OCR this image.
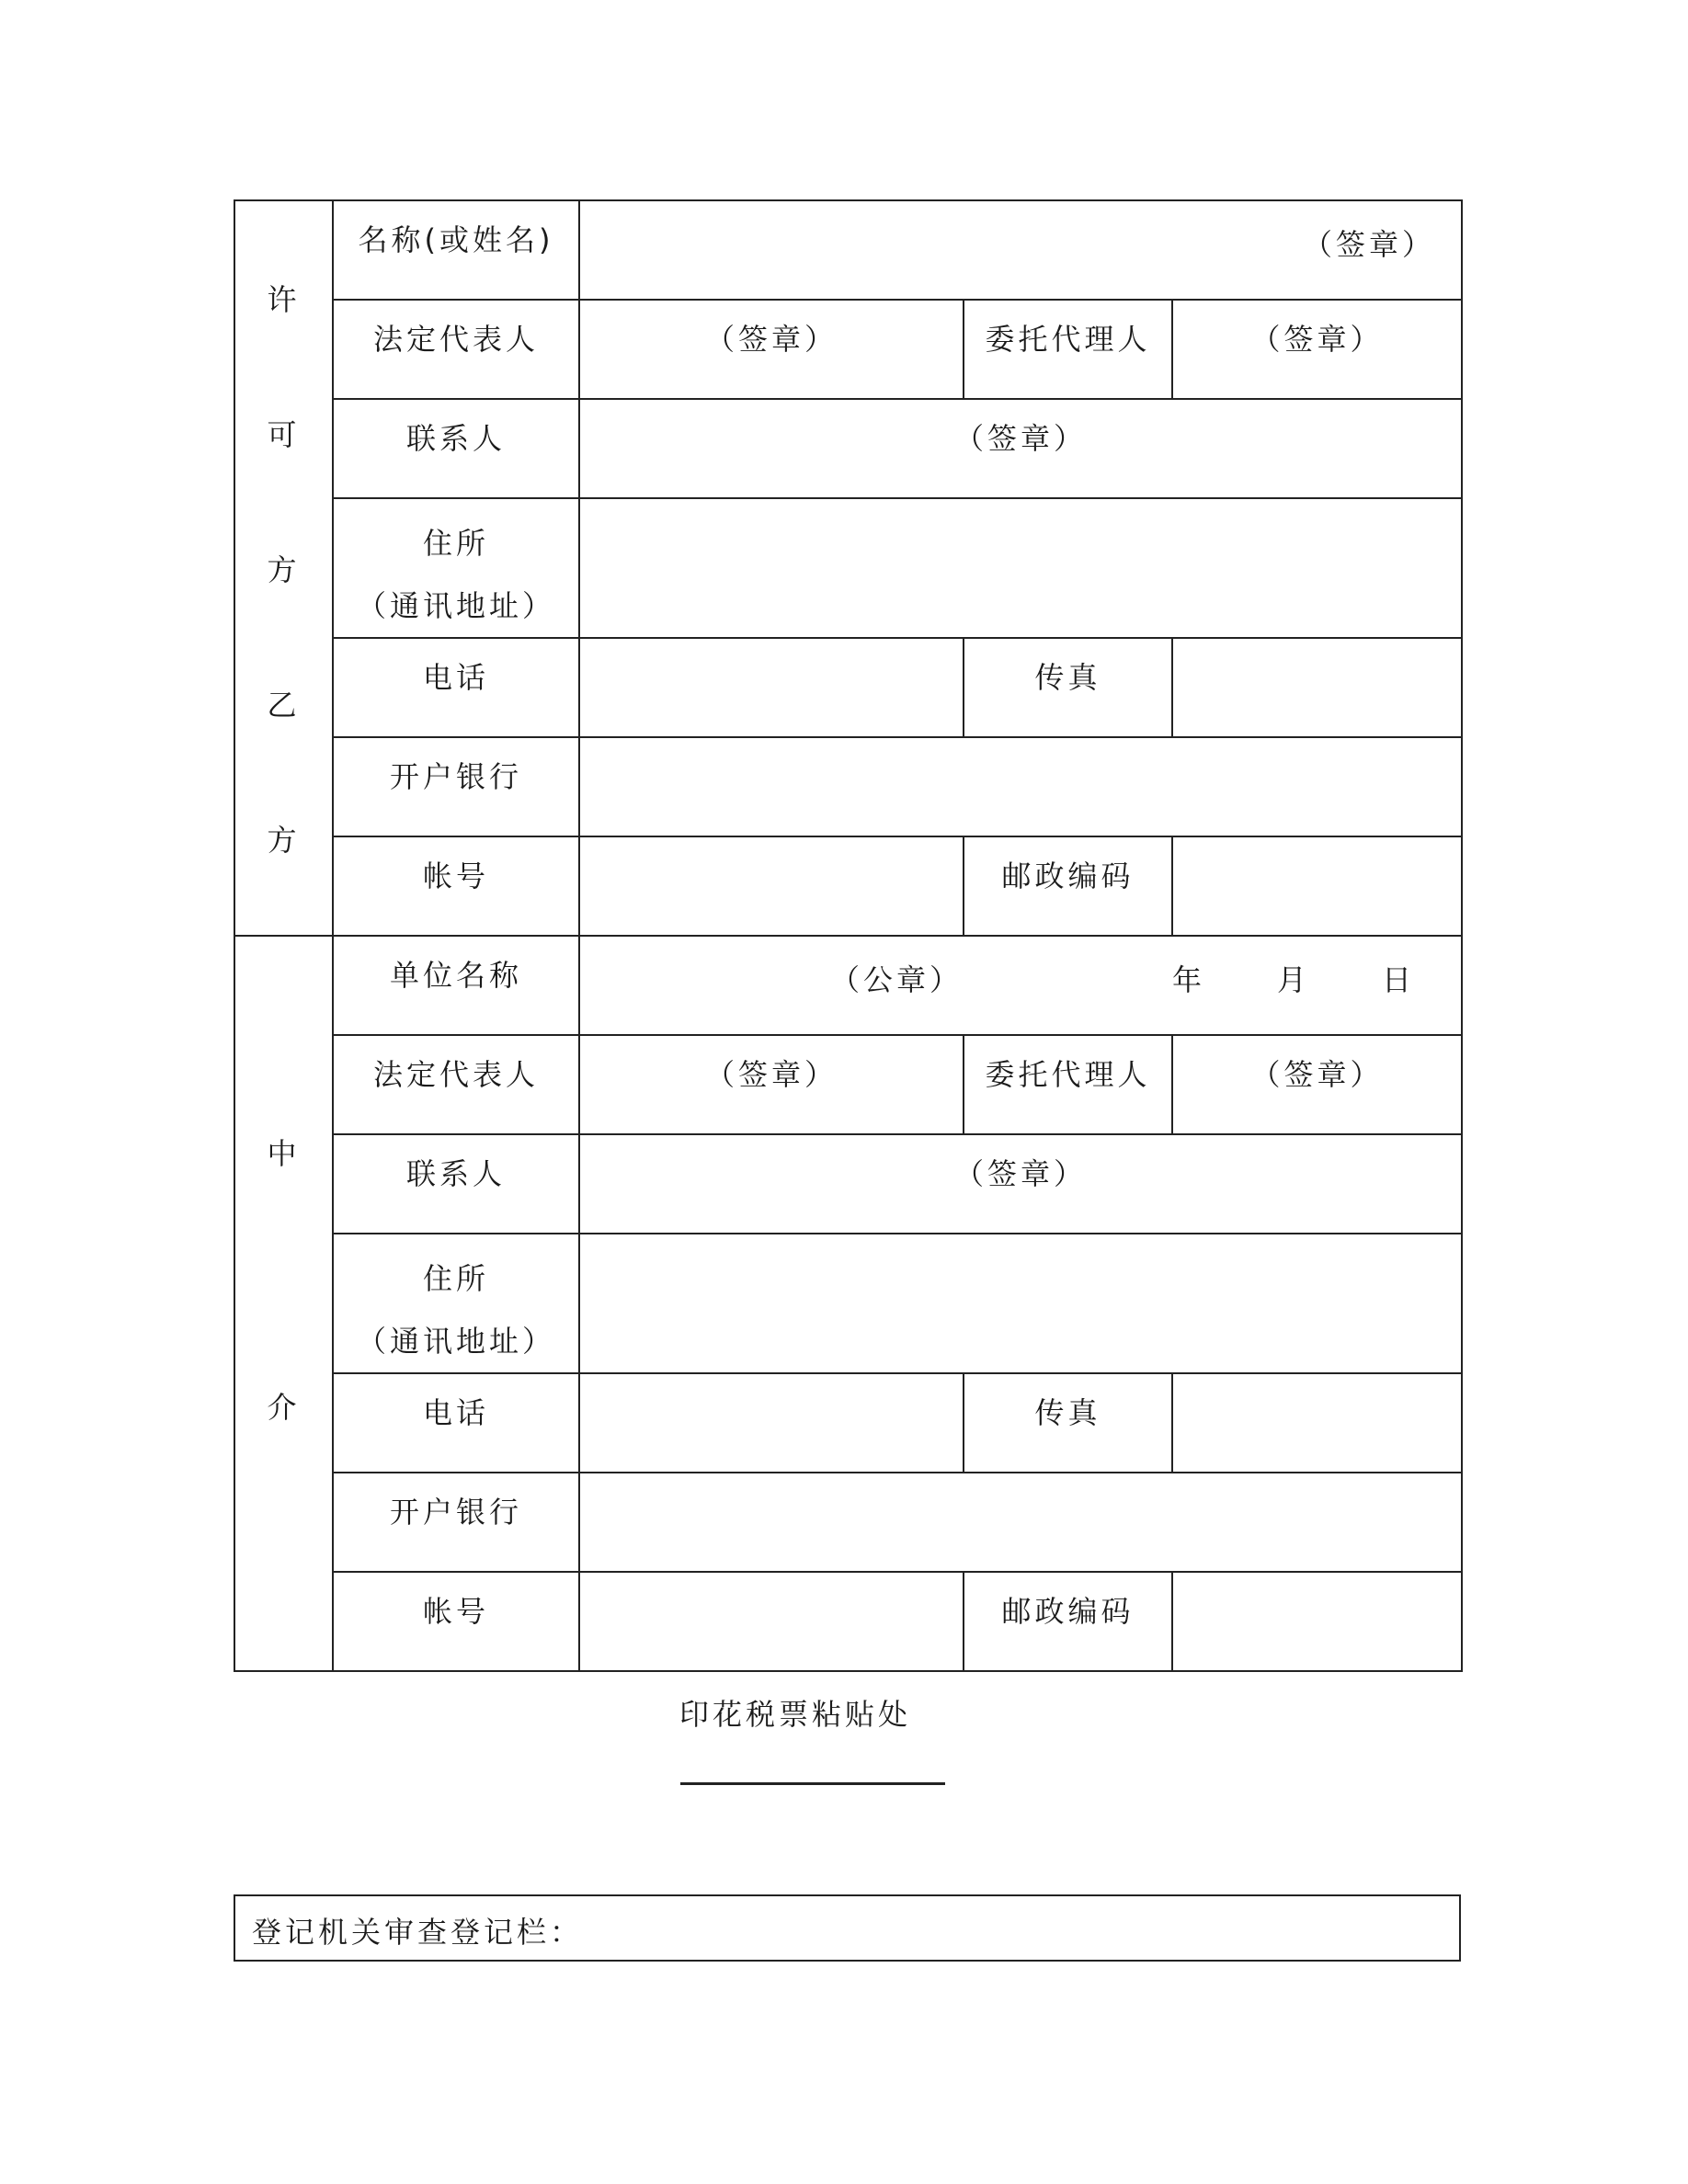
许
可
方
乙
方	名称(或姓名)	（签章）		

	法定代表人	（签章）	委托代理人	（签章）

	联系人	（签章）		

	住所
（通讯地址）			

	电话		传真	

	开户银行			

	帐号		邮政编码	

中
介	单位名称	（公章） 年 月 日		

	法定代表人	（签章）	委托代理人	（签章）

	联系人	（签章）		

	住所
（通讯地址）			

	电话		传真	

	开户银行			

	帐号		邮政编码	

印花税票粘贴处
登记机关审查登记栏：
